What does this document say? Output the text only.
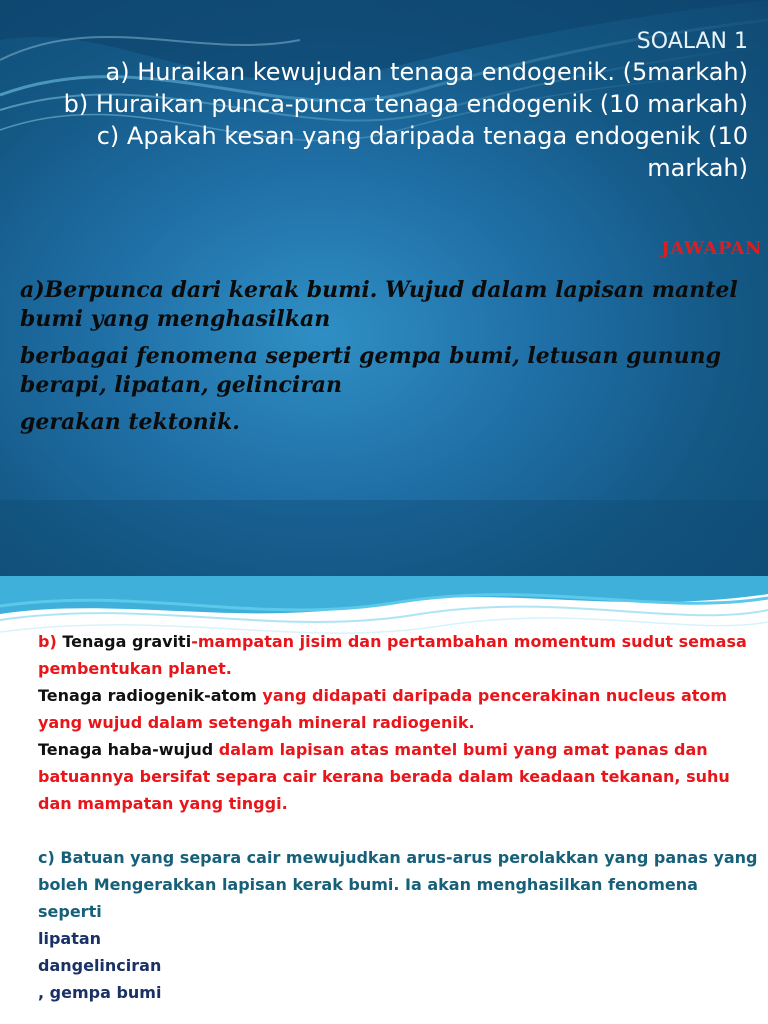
SOALAN 1
a) Huraikan kewujudan tenaga endogenik. (5markah)
b) Huraikan punca-punca tenaga endogenik (10 markah)
c) Apakah kesan yang daripada tenaga endogenik (10
markah)
JAWAPAN

a)Berpunca dari kerak bumi. Wujud dalam lapisan mantel bumi yang menghasilkan

berbagai fenomena seperti gempa bumi, letusan gunung berapi, lipatan, gelinciran

gerakan tektonik.

b) Tenaga graviti-mampatan jisim dan pertambahan momentum sudut semasa pembentukan planet.

Tenaga radiogenik-atom yang didapati daripada pencerakinan nucleus atom yang wujud dalam setengah mineral radiogenik.

Tenaga haba-wujud dalam lapisan atas mantel bumi yang amat panas dan batuannya bersifat separa cair kerana berada dalam keadaan tekanan, suhu dan mampatan yang tinggi.

c) Batuan yang separa cair mewujudkan arus-arus perolakkan yang panas yang boleh Mengerakkan lapisan kerak bumi. Ia akan menghasilkan fenomena seperti

lipatan

dangelinciran

, gempa bumi
